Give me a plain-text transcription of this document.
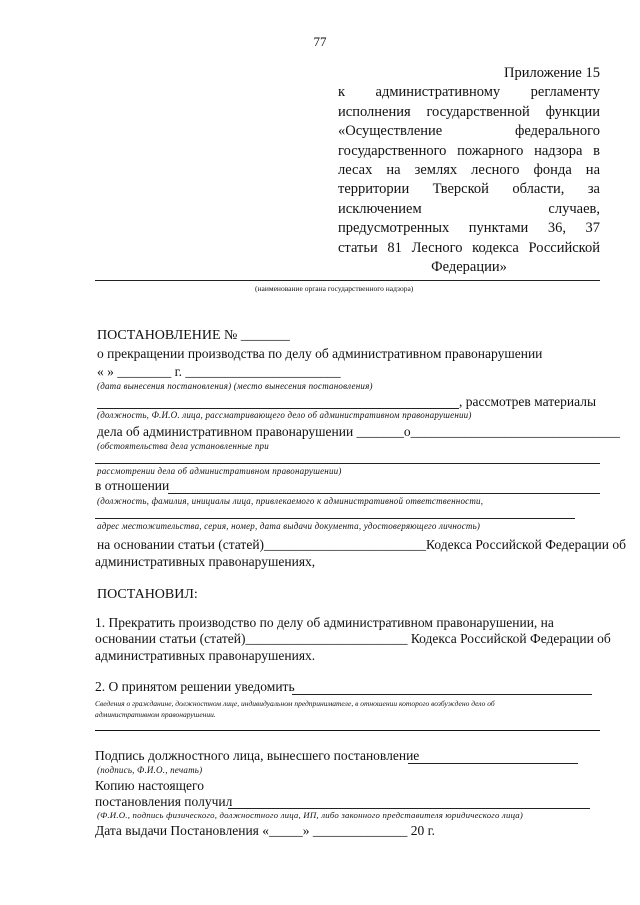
77
Приложение 15
к административному регламенту
исполнения государственной функции
«Осуществление федерального
государственного пожарного надзора в
лесах на землях лесного фонда на
территории Тверской области, за
исключением случаев,
предусмотренных пунктами 36, 37
статьи 81 Лесного кодекса Российской
Федерации»
(наименование органа государственного надзора)
ПОСТАНОВЛЕНИЕ № _______
о прекращении производства по делу об административном правонарушении
« » ________ г. _______________________
(дата вынесения постановления) (место вынесения постановления)
, рассмотрев материалы
(должность, Ф.И.О. лица, рассматривающего дело об административном правонарушении)
дела об административном правонарушении _______о_______________________________
(обстоятельства дела установленные при
рассмотрении дела об административном правонарушении)
в отношении
(должность, фамилия, инициалы лица, привлекаемого к административной ответственности,
адрес местожительства, серия, номер, дата выдачи документа, удостоверяющего личность)
на основании статьи (статей)________________________Кодекса Российской Федерации об
административных правонарушениях,
ПОСТАНОВИЛ:
1. Прекратить производство по делу об административном правонарушении, на
основании статьи (статей)________________________ Кодекса Российской Федерации об
административных правонарушениях.
2. О принятом решении уведомить
Сведения о гражданине, должностном лице, индивидуальном предпринимателе, в отношении которого возбуждено дело об
административном правонарушении.
Подпись должностного лица, вынесшего постановление
(подпись, Ф.И.О., печать)
Копию настоящего
постановления получил
(Ф.И.О., подпись физического, должностного лица, ИП, либо законного представителя юридического лица)
Дата выдачи Постановления «_____» ______________ 20 г.
